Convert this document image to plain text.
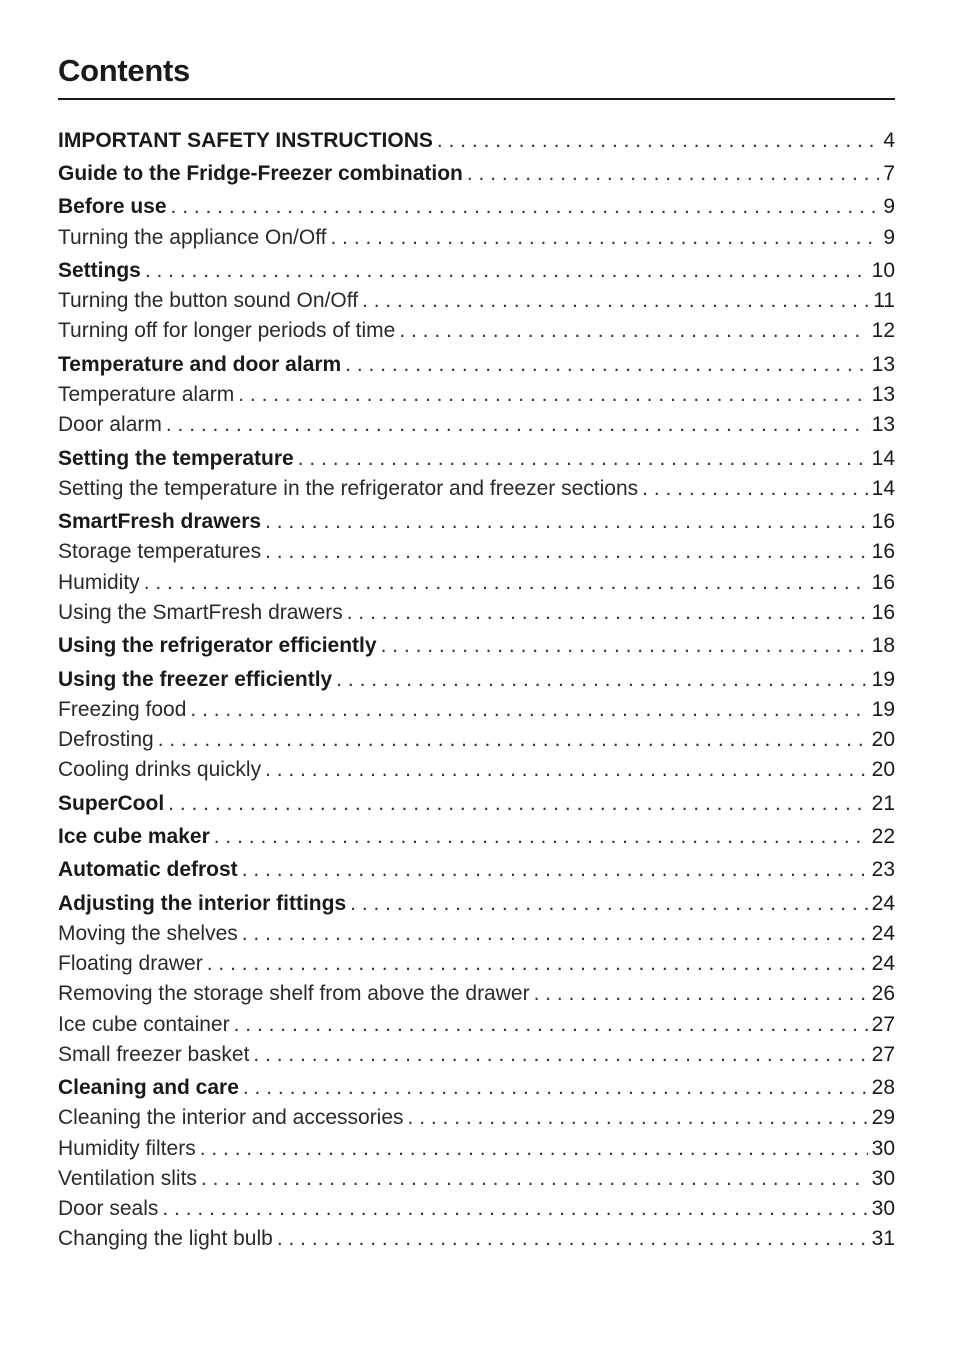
Contents
IMPORTANT SAFETY INSTRUCTIONS . . .	4
Guide to the Fridge-Freezer combination . . .	7
Before use . . .	9
Turning the appliance On/Off . . .	9
Settings . . .	10
Turning the button sound On/Off . . .	11
Turning off for longer periods of time . . .	12
Temperature and door alarm . . .	13
Temperature alarm . . .	13
Door alarm . . .	13
Setting the temperature . . .	14
Setting the temperature in the refrigerator and freezer sections . . .	14
SmartFresh drawers . . .	16
Storage temperatures . . .	16
Humidity . . .	16
Using the SmartFresh drawers . . .	16
Using the refrigerator efficiently . . .	18
Using the freezer efficiently . . .	19
Freezing food . . .	19
Defrosting . . .	20
Cooling drinks quickly . . .	20
SuperCool . . .	21
Ice cube maker . . .	22
Automatic defrost . . .	23
Adjusting the interior fittings . . .	24
Moving the shelves . . .	24
Floating drawer . . .	24
Removing the storage shelf from above the drawer . . .	26
Ice cube container . . .	27
Small freezer basket . . .	27
Cleaning and care . . .	28
Cleaning the interior and accessories . . .	29
Humidity filters . . .	30
Ventilation slits . . .	30
Door seals . . .	30
Changing the light bulb . . .	31
